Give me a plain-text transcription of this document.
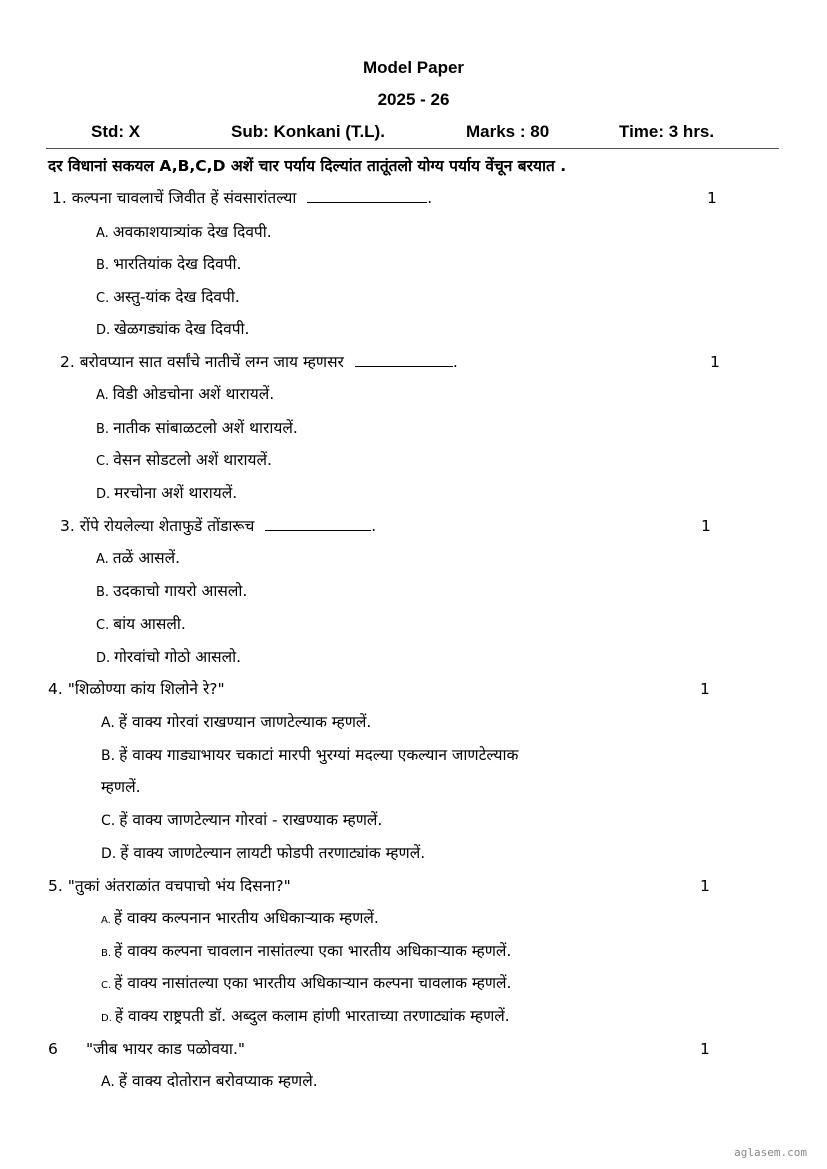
Model Paper
2025 - 26
Std: X	Sub: Konkani (T.L).	Marks : 80	Time: 3 hrs.
दर विधानां सकयल A,B,C,D अशें चार पर्याय दिल्यांत तातूंतलो योग्य पर्याय वेंचून बरयात .
1. कल्पना चावलाचें जिवीत हें संवसारांतल्या	.	1
A. अवकाशयात्र्यांक देख दिवपी.
B. भारतियांक देख दिवपी.
C. अस्तु-यांक देख दिवपी.
D. खेळगड्यांक देख दिवपी.
2. बरोवप्यान सात वर्सांचे नातीचें लग्न जाय म्हणसर	.	1
A. विडी ओडचोना अशें थारायलें.
B. नातीक सांबाळटलो अशें थारायलें.
C. वेसन सोडटलो अशें थारायलें.
D. मरचोना अशें थारायलें.
3. रोंपे रोयलेल्या शेताफुडें तोंडारूच	.	1
A. तळें आसलें.
B. उदकाचो गायरो आसलो.
C. बांय आसली.
D. गोरवांचो गोठो आसलो.
4. "शिळोण्या कांय शिलोने रे?"	1
A. हें वाक्य गोरवां राखण्यान जाणटेल्याक म्हणलें.
B. हें वाक्य गाड्याभायर चकाटां मारपी भुरग्यां मदल्या एकल्यान जाणटेल्याक
म्हणलें.
C. हें वाक्य जाणटेल्यान गोरवां - राखण्याक म्हणलें.
D. हें वाक्य जाणटेल्यान लायटी फोडपी तरणाट्यांक म्हणलें.
5. "तुकां अंतराळांत वचपाचो भंय दिसना?"	1
A. हें वाक्य कल्पनान भारतीय अधिकाऱ्याक म्हणलें.
B. हें वाक्य कल्पना चावलान नासांतल्या एका भारतीय अधिकाऱ्याक म्हणलें.
C. हें वाक्य नासांतल्या एका भारतीय अधिकाऱ्यान कल्पना चावलाक म्हणलें.
D. हें वाक्य राष्ट्रपती डॉ. अब्दुल कलाम हांणी भारताच्या तरणाट्यांक म्हणलें.
6 "जीब भायर काड पळोवया."	1
A. हें वाक्य दोतोरान बरोवप्याक म्हणले.
aglasem.com
